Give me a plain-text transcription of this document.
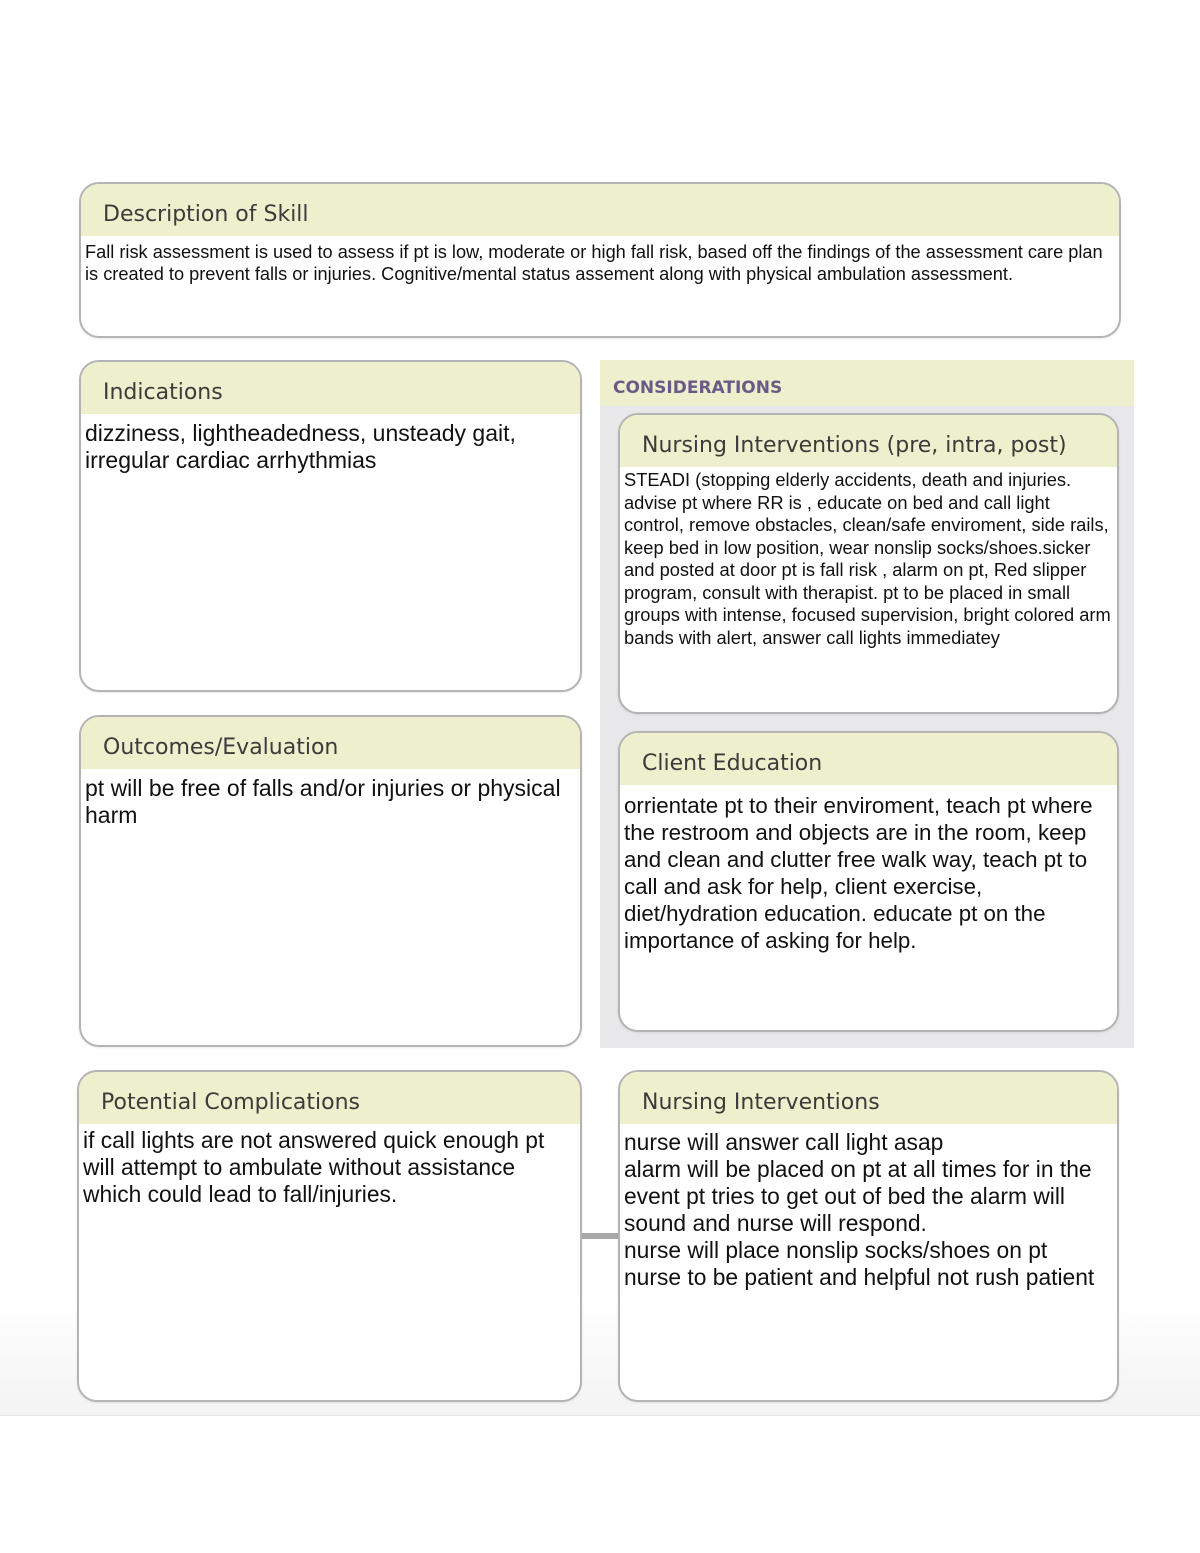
Description of Skill
Fall risk assessment is used to assess if pt is low, moderate or high fall risk, based off the findings of the assessment care plan is created to prevent falls or injuries. Cognitive/mental status assement along with physical ambulation assessment.
Indications
dizziness, lightheadedness, unsteady gait, irregular cardiac arrhythmias
CONSIDERATIONS
Nursing Interventions (pre, intra, post)
STEADI (stopping elderly accidents, death and injuries. advise pt where RR is , educate on bed and call light control, remove obstacles, clean/safe enviroment, side rails, keep bed in low position, wear nonslip socks/shoes.sicker and posted at door pt is fall risk , alarm on pt, Red slipper program, consult with therapist. pt to be placed in small groups with intense, focused supervision, bright colored arm bands with alert, answer call lights immediatey
Client Education
orrientate pt to their enviroment, teach pt where the restroom and objects are in the room, keep and clean and clutter free walk way, teach pt to call and ask for help, client exercise, diet/hydration education. educate pt on the importance of asking for help.
Outcomes/Evaluation
pt will be free of falls and/or injuries or physical harm
Potential Complications
if call lights are not answered quick enough pt will attempt to ambulate without assistance which could lead to fall/injuries.
Nursing Interventions
nurse will answer call light asap
alarm will be placed on pt at all times for in the event pt tries to get out of bed the alarm will sound and nurse will respond.
nurse will place nonslip socks/shoes on pt
nurse to be patient and helpful not rush patient
